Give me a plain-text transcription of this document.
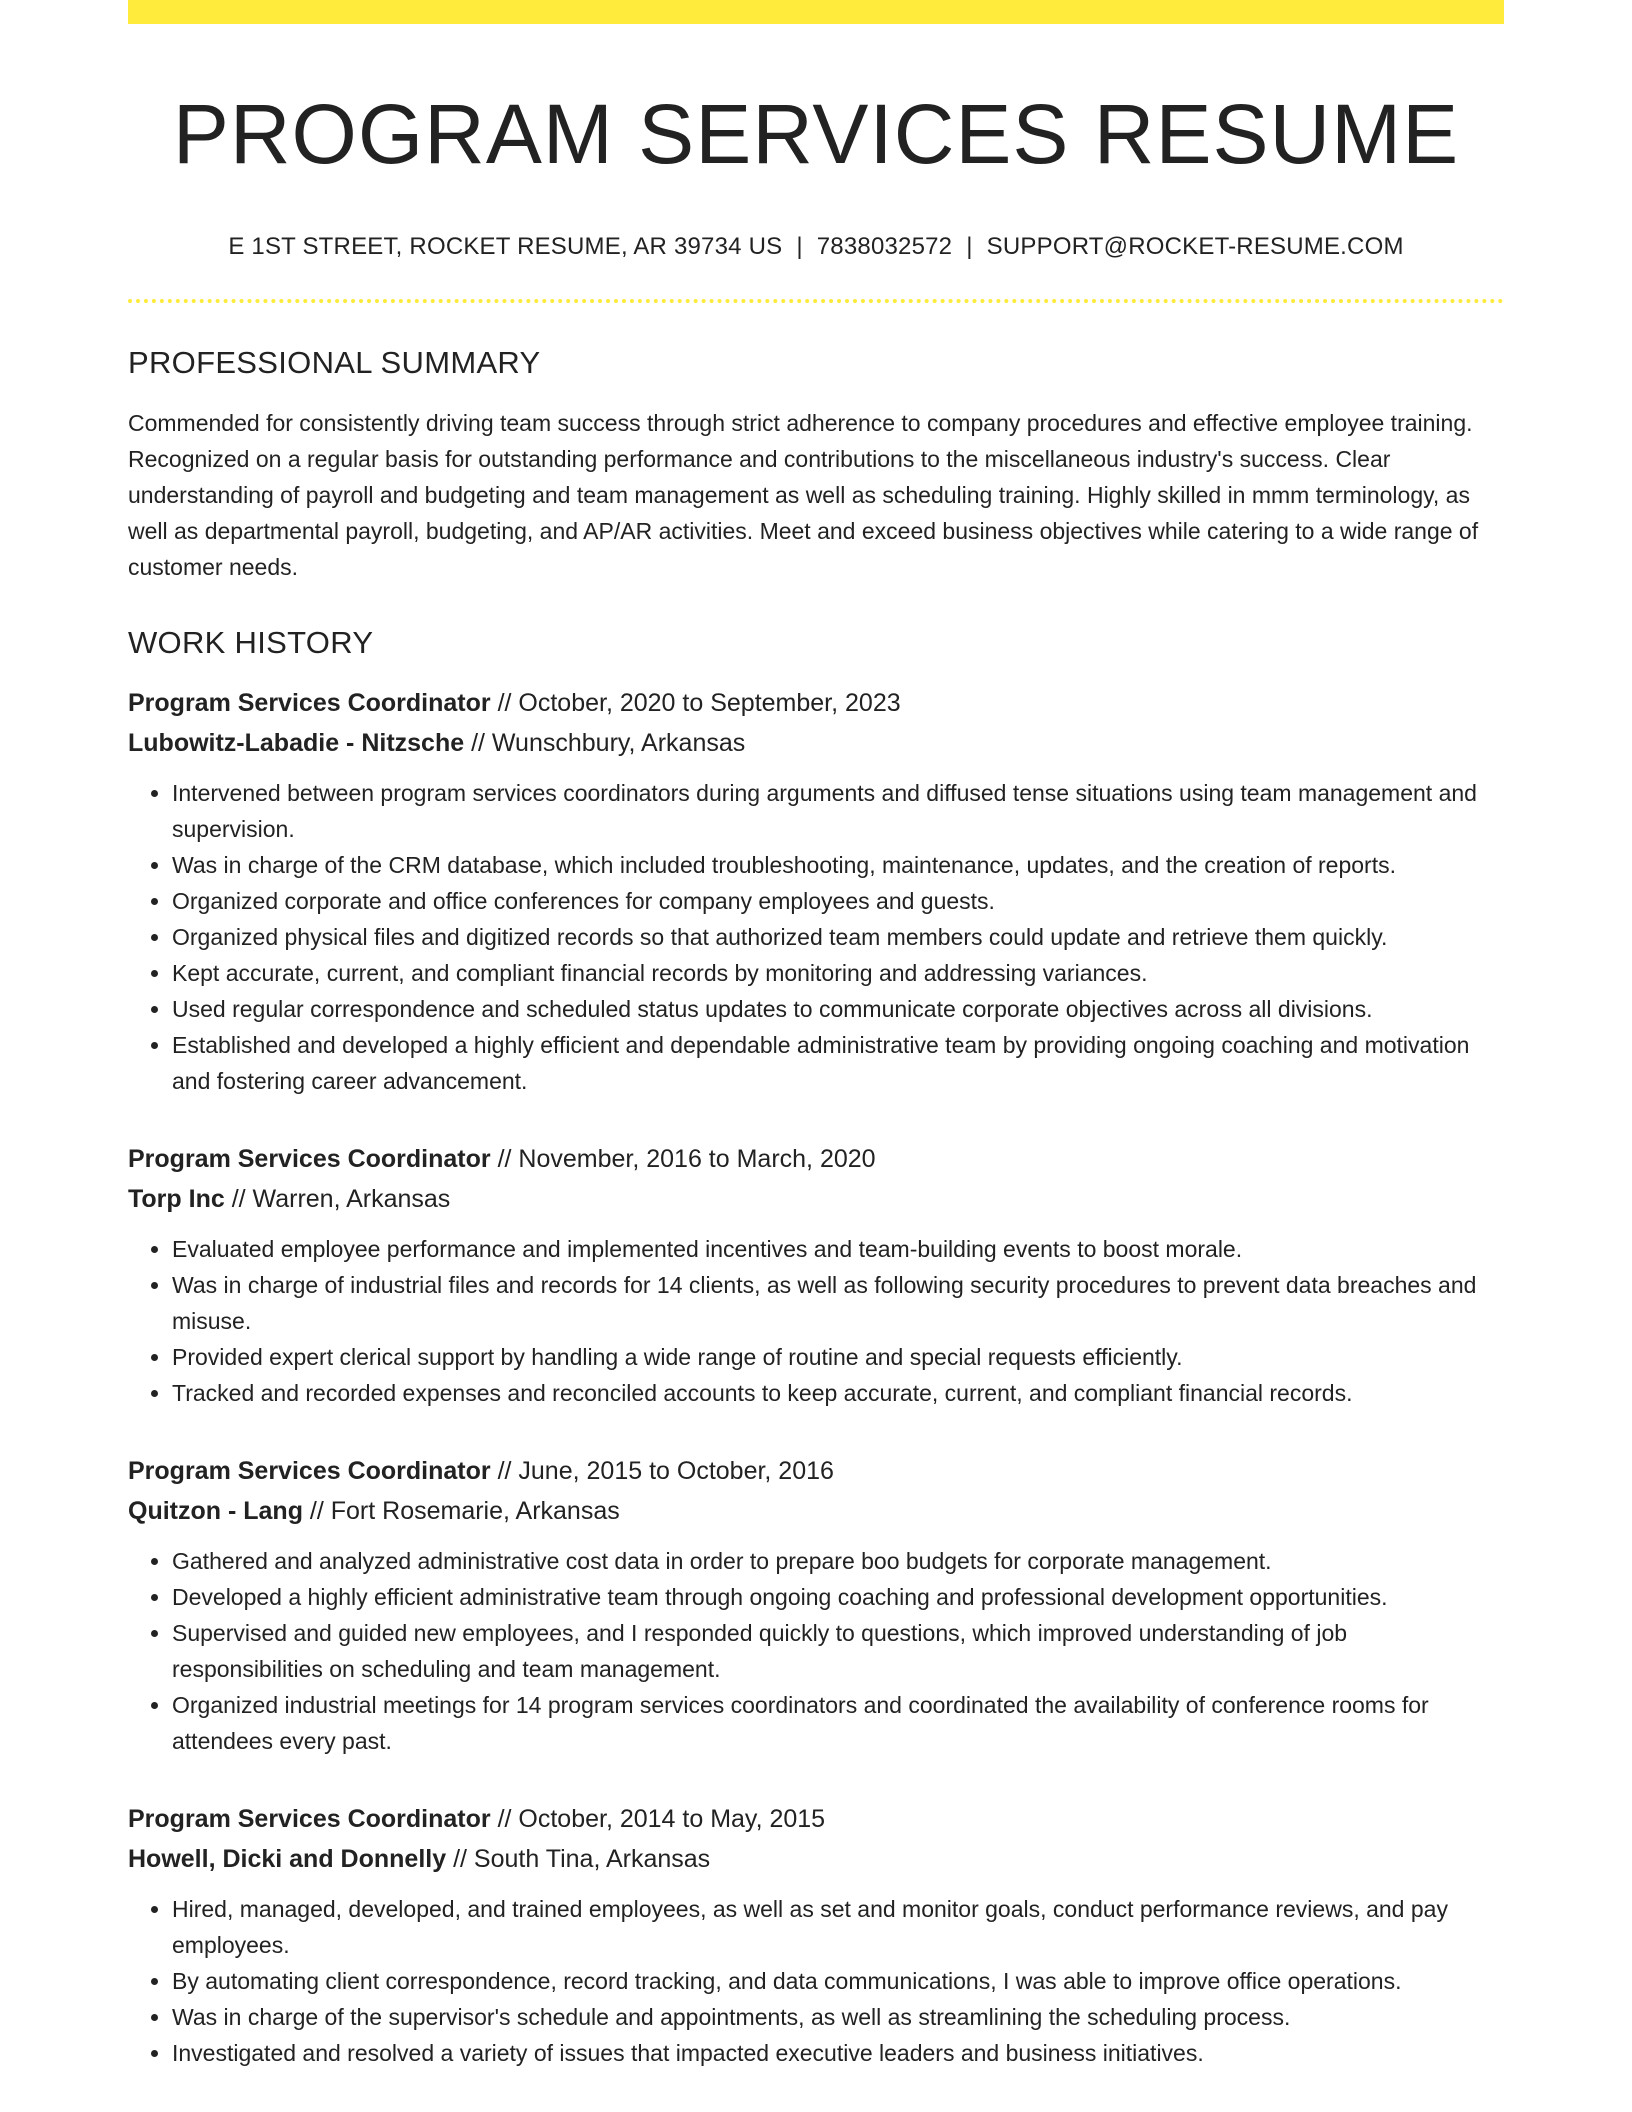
PROGRAM SERVICES RESUME
E 1ST STREET, ROCKET RESUME, AR 39734 US | 7838032572 | SUPPORT@ROCKET-RESUME.COM
PROFESSIONAL SUMMARY
Commended for consistently driving team success through strict adherence to company procedures and effective employee training. Recognized on a regular basis for outstanding performance and contributions to the miscellaneous industry's success. Clear understanding of payroll and budgeting and team management as well as scheduling training. Highly skilled in mmm terminology, as well as departmental payroll, budgeting, and AP/AR activities. Meet and exceed business objectives while catering to a wide range of customer needs.
WORK HISTORY
Program Services Coordinator // October, 2020 to September, 2023
Lubowitz-Labadie - Nitzsche // Wunschbury, Arkansas
• Intervened between program services coordinators during arguments and diffused tense situations using team management and supervision.
• Was in charge of the CRM database, which included troubleshooting, maintenance, updates, and the creation of reports.
• Organized corporate and office conferences for company employees and guests.
• Organized physical files and digitized records so that authorized team members could update and retrieve them quickly.
• Kept accurate, current, and compliant financial records by monitoring and addressing variances.
• Used regular correspondence and scheduled status updates to communicate corporate objectives across all divisions.
• Established and developed a highly efficient and dependable administrative team by providing ongoing coaching and motivation and fostering career advancement.
Program Services Coordinator // November, 2016 to March, 2020
Torp Inc // Warren, Arkansas
• Evaluated employee performance and implemented incentives and team-building events to boost morale.
• Was in charge of industrial files and records for 14 clients, as well as following security procedures to prevent data breaches and misuse.
• Provided expert clerical support by handling a wide range of routine and special requests efficiently.
• Tracked and recorded expenses and reconciled accounts to keep accurate, current, and compliant financial records.
Program Services Coordinator // June, 2015 to October, 2016
Quitzon - Lang // Fort Rosemarie, Arkansas
• Gathered and analyzed administrative cost data in order to prepare boo budgets for corporate management.
• Developed a highly efficient administrative team through ongoing coaching and professional development opportunities.
• Supervised and guided new employees, and I responded quickly to questions, which improved understanding of job responsibilities on scheduling and team management.
• Organized industrial meetings for 14 program services coordinators and coordinated the availability of conference rooms for attendees every past.
Program Services Coordinator // October, 2014 to May, 2015
Howell, Dicki and Donnelly // South Tina, Arkansas
• Hired, managed, developed, and trained employees, as well as set and monitor goals, conduct performance reviews, and pay employees.
• By automating client correspondence, record tracking, and data communications, I was able to improve office operations.
• Was in charge of the supervisor's schedule and appointments, as well as streamlining the scheduling process.
• Investigated and resolved a variety of issues that impacted executive leaders and business initiatives.
